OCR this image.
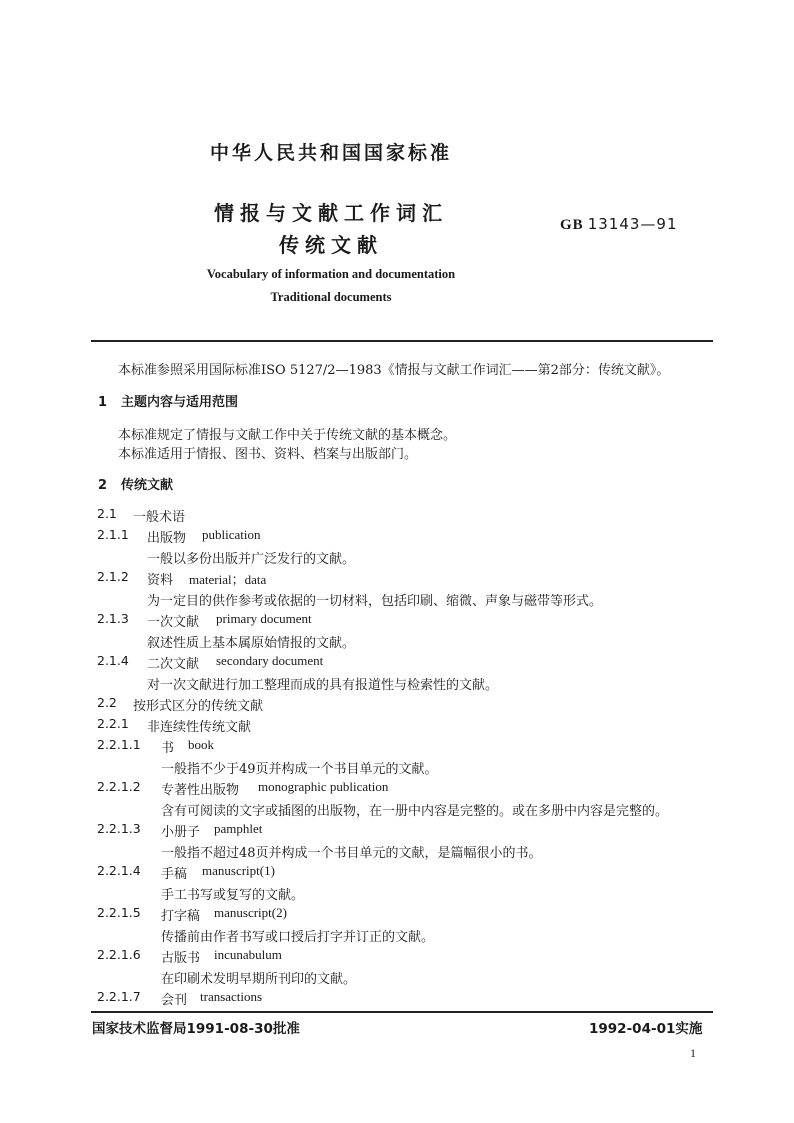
中华人民共和国国家标准
情报与文献工作词汇
传统文献
GB 13143—91
Vocabulary of information and documentation
Traditional documents
本标准参照采用国际标准ISO 5127/2—1983《情报与文献工作词汇——第2部分：传统文献》。
1 主题内容与适用范围
本标准规定了情报与文献工作中关于传统文献的基本概念。
本标准适用于情报、图书、资料、档案与出版部门。
2 传统文献
2.1 一般术语
2.1.1 出版物 publication
一般以多份出版并广泛发行的文献。
2.1.2 资料 material；data
为一定目的供作参考或依据的一切材料，包括印刷、缩微、声象与磁带等形式。
2.1.3 一次文献 primary document
叙述性质上基本属原始情报的文献。
2.1.4 二次文献 secondary document
对一次文献进行加工整理而成的具有报道性与检索性的文献。
2.2 按形式区分的传统文献
2.2.1 非连续性传统文献
2.2.1.1 书 book
一般指不少于49页并构成一个书目单元的文献。
2.2.1.2 专著性出版物 monographic publication
含有可阅读的文字或插图的出版物，在一册中内容是完整的。或在多册中内容是完整的。
2.2.1.3 小册子 pamphlet
一般指不超过48页并构成一个书目单元的文献，是篇幅很小的书。
2.2.1.4 手稿 manuscript(1)
手工书写或复写的文献。
2.2.1.5 打字稿 manuscript(2)
传播前由作者书写或口授后打字并订正的文献。
2.2.1.6 古版书 incunabulum
在印刷术发明早期所刊印的文献。
2.2.1.7 会刊 transactions
国家技术监督局1991-08-30批准	1992-04-01实施
1
